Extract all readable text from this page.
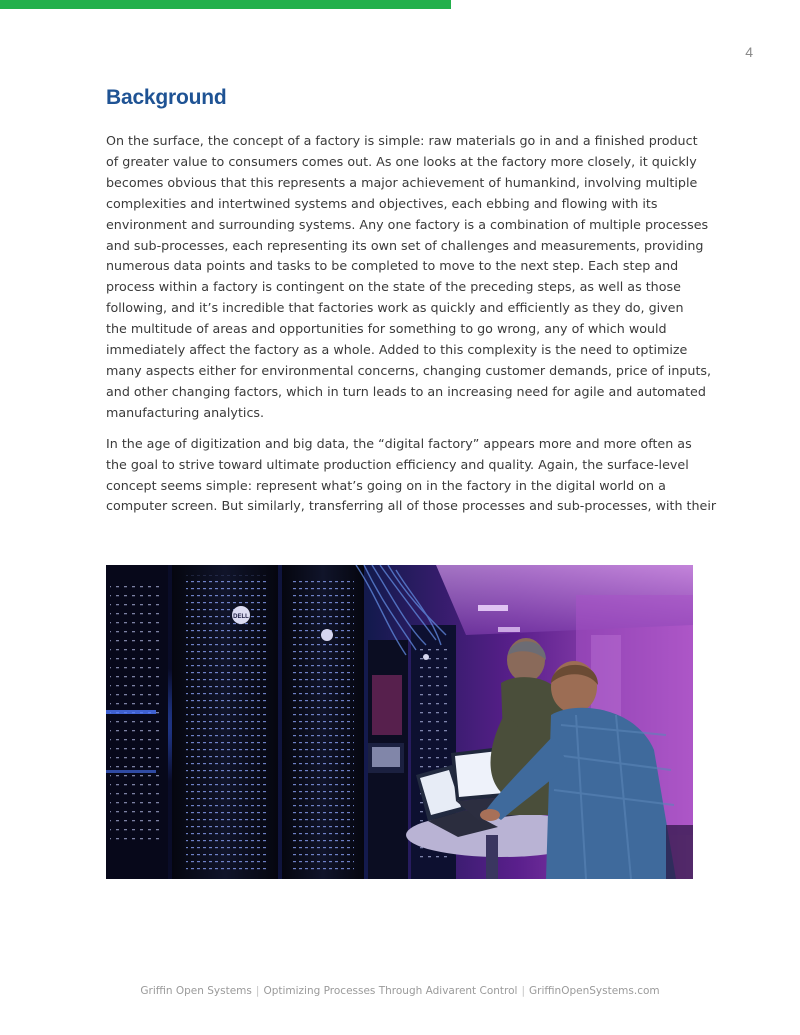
4
Background

On the surface, the concept of a factory is simple: raw materials go in and a finished product
of greater value to consumers comes out. As one looks at the factory more closely, it quickly
becomes obvious that this represents a major achievement of humankind, involving multiple
complexities and intertwined systems and objectives, each ebbing and flowing with its
environment and surrounding systems. Any one factory is a combination of multiple processes
and sub-processes, each representing its own set of challenges and measurements, providing
numerous data points and tasks to be completed to move to the next step. Each step and
process within a factory is contingent on the state of the preceding steps, as well as those
following, and it’s incredible that factories work as quickly and efficiently as they do, given
the multitude of areas and opportunities for something to go wrong, any of which would
immediately affect the factory as a whole. Added to this complexity is the need to optimize
many aspects either for environmental concerns, changing customer demands, price of inputs,
and other changing factors, which in turn leads to an increasing need for agile and automated
manufacturing analytics.

In the age of digitization and big data, the “digital factory” appears more and more often as
the goal to strive toward ultimate production efficiency and quality. Again, the surface-level
concept seems simple: represent what’s going on in the factory in the digital world on a
computer screen. But similarly, transferring all of those processes and sub-processes, with their

DELL
Griffin Open Systems | Optimizing Processes Through Adivarent Control | GriffinOpenSystems.com
